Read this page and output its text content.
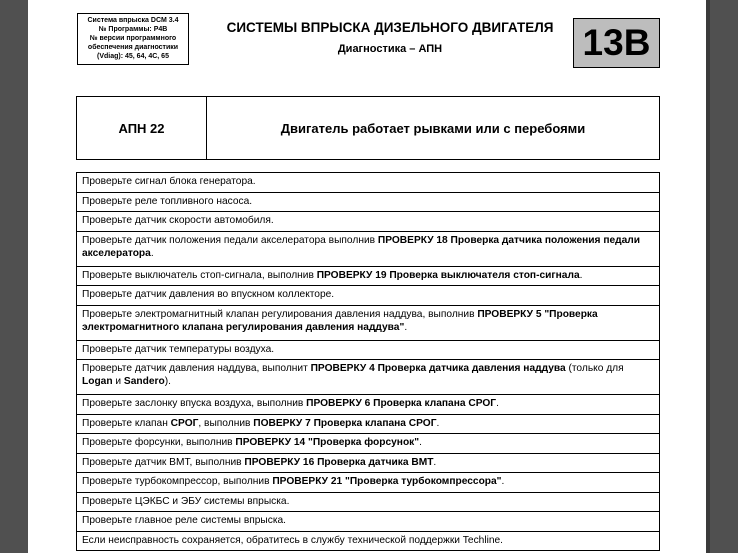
Система впрыска DCM 3.4
№ Программы: P4B
№ версии программного
обеспечения диагностики
(Vdiag): 45, 64, 4C, 65
СИСТЕМЫ ВПРЫСКА ДИЗЕЛЬНОГО ДВИГАТЕЛЯ
Диагностика – АПН	13B
АПН 22	Двигатель работает рывками или с перебоями
Проверьте сигнал блока генератора.
Проверьте реле топливного насоса.
Проверьте датчик скорости автомобиля.
Проверьте датчик положения педали акселератора выполнив ПРОВЕРКУ 18 Проверка датчика положения педали акселератора.
Проверьте выключатель стоп-сигнала, выполнив ПРОВЕРКУ 19 Проверка выключателя стоп-сигнала.
Проверьте датчик давления во впускном коллекторе.
Проверьте электромагнитный клапан регулирования давления наддува, выполнив ПРОВЕРКУ 5 "Проверка электромагнитного клапана регулирования давления наддува".
Проверьте датчик температуры воздуха.
Проверьте датчик давления наддува, выполнит ПРОВЕРКУ 4 Проверка датчика давления наддува (только для Logan и Sandero).
Проверьте заслонку впуска воздуха, выполнив ПРОВЕРКУ 6 Проверка клапана СРОГ.
Проверьте клапан СРОГ, выполнив ПОВЕРКУ 7 Проверка клапана СРОГ.
Проверьте форсунки, выполнив ПРОВЕРКУ 14 "Проверка форсунок".
Проверьте датчик ВМТ, выполнив ПРОВЕРКУ 16 Проверка датчика ВМТ.
Проверьте турбокомпрессор, выполнив ПРОВЕРКУ 21 "Проверка турбокомпрессора".
Проверьте ЦЭКБС и ЭБУ системы впрыска.
Проверьте главное реле системы впрыска.
Если неисправность сохраняется, обратитесь в службу технической поддержки Techline.
